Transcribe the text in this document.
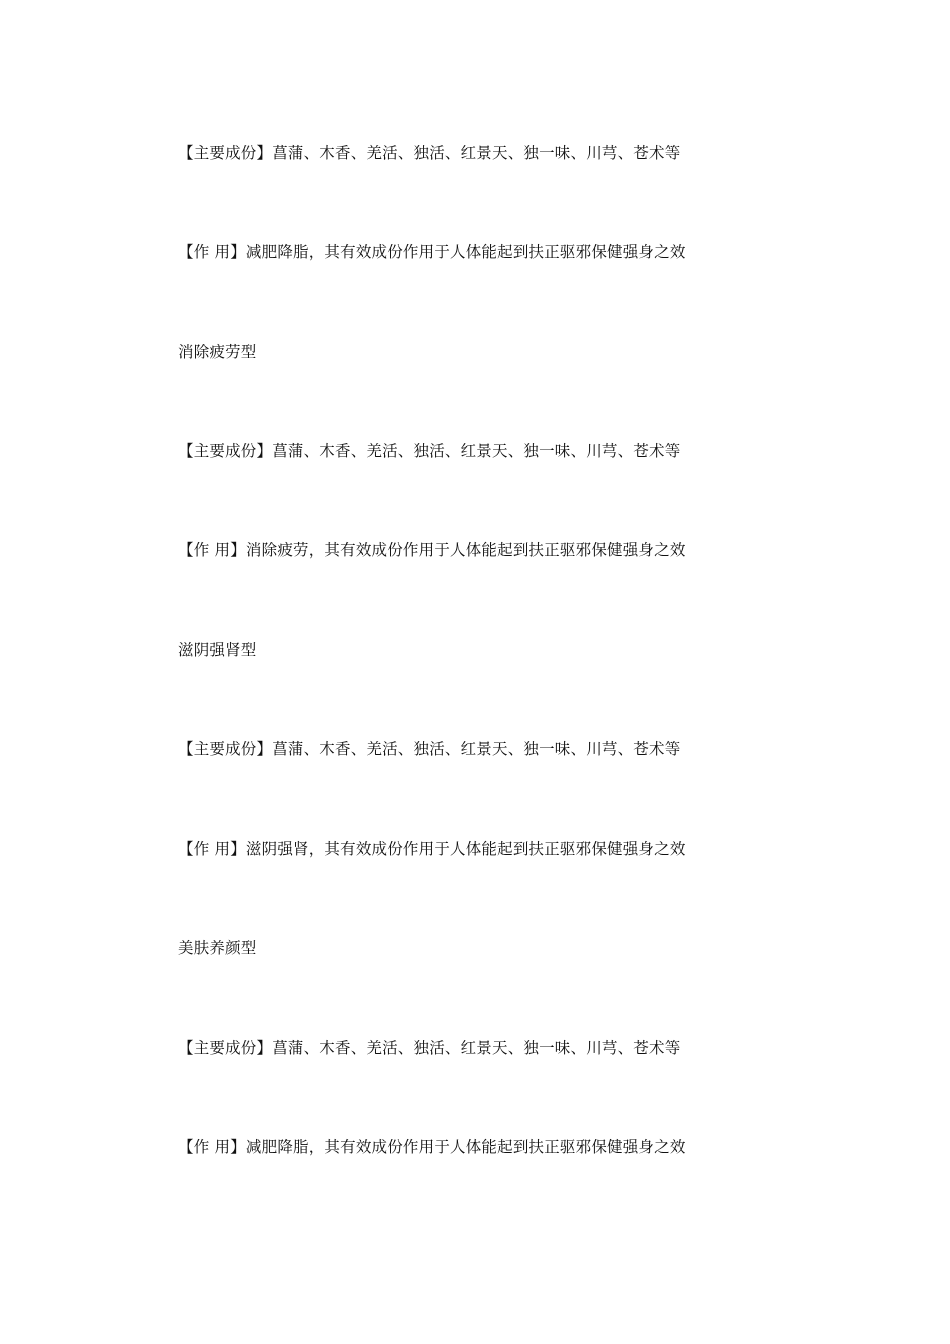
【主要成份】菖蒲、木香、羌活、独活、红景天、独一味、川芎、苍术等
【作 用】减肥降脂，其有效成份作用于人体能起到扶正驱邪保健强身之效
消除疲劳型
【主要成份】菖蒲、木香、羌活、独活、红景天、独一味、川芎、苍术等
【作 用】消除疲劳，其有效成份作用于人体能起到扶正驱邪保健强身之效
滋阴强肾型
【主要成份】菖蒲、木香、羌活、独活、红景天、独一味、川芎、苍术等
【作 用】滋阴强肾，其有效成份作用于人体能起到扶正驱邪保健强身之效
美肤养颜型
【主要成份】菖蒲、木香、羌活、独活、红景天、独一味、川芎、苍术等
【作 用】减肥降脂，其有效成份作用于人体能起到扶正驱邪保健强身之效
